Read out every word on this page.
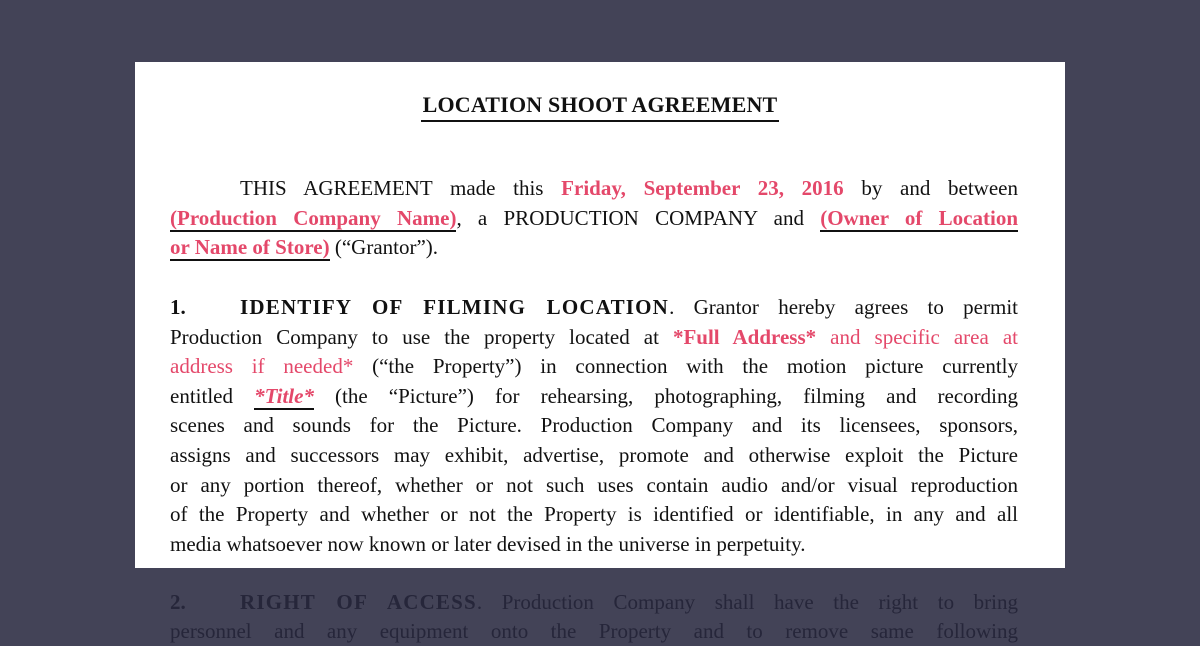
LOCATION SHOOT AGREEMENT
THIS AGREEMENT made this Friday, September 23, 2016 by and between
(Production Company Name), a PRODUCTION COMPANY and (Owner of Location
or Name of Store) (“Grantor”).
1.	IDENTIFY OF FILMING LOCATION. Grantor hereby agrees to permit
Production Company to use the property located at *Full Address* and specific area at
address if needed* (“the Property”) in connection with the motion picture currently
entitled *Title* (the “Picture”) for rehearsing, photographing, filming and recording
scenes and sounds for the Picture. Production Company and its licensees, sponsors,
assigns and successors may exhibit, advertise, promote and otherwise exploit the Picture
or any portion thereof, whether or not such uses contain audio and/or visual reproduction
of the Property and whether or not the Property is identified or identifiable, in any and all
media whatsoever now known or later devised in the universe in perpetuity.
2.	RIGHT OF ACCESS. Production Company shall have the right to bring
personnel and any equipment onto the Property and to remove same following
